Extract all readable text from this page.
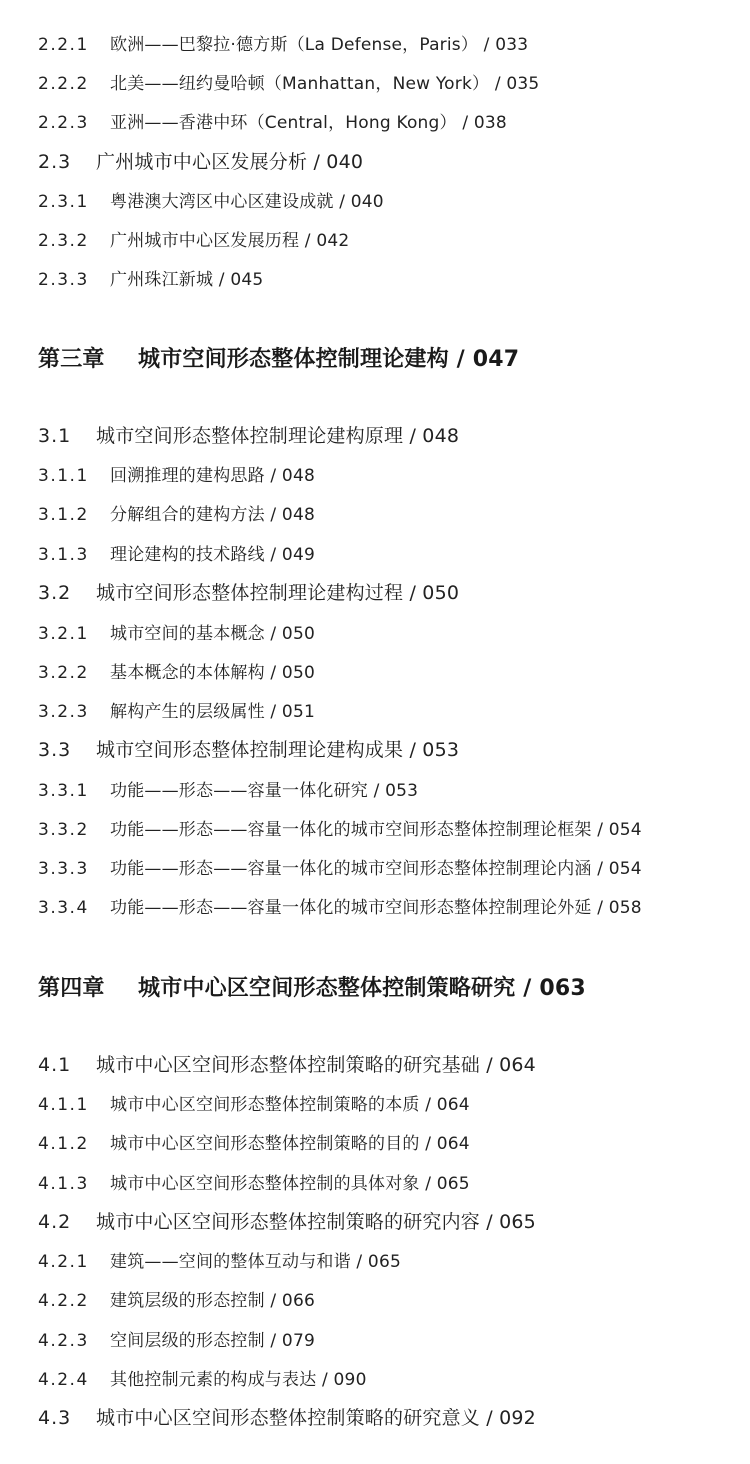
2.2.1 欧洲——巴黎拉·德方斯（La Defense，Paris） / 033
2.2.2 北美——纽约曼哈顿（Manhattan，New York） / 035
2.2.3 亚洲——香港中环（Central，Hong Kong） / 038
2.3 广州城市中心区发展分析 / 040
2.3.1 粤港澳大湾区中心区建设成就 / 040
2.3.2 广州城市中心区发展历程 / 042
2.3.3 广州珠江新城 / 045
第三章 城市空间形态整体控制理论建构 / 047
3.1 城市空间形态整体控制理论建构原理 / 048
3.1.1 回溯推理的建构思路 / 048
3.1.2 分解组合的建构方法 / 048
3.1.3 理论建构的技术路线 / 049
3.2 城市空间形态整体控制理论建构过程 / 050
3.2.1 城市空间的基本概念 / 050
3.2.2 基本概念的本体解构 / 050
3.2.3 解构产生的层级属性 / 051
3.3 城市空间形态整体控制理论建构成果 / 053
3.3.1 功能——形态——容量一体化研究 / 053
3.3.2 功能——形态——容量一体化的城市空间形态整体控制理论框架 / 054
3.3.3 功能——形态——容量一体化的城市空间形态整体控制理论内涵 / 054
3.3.4 功能——形态——容量一体化的城市空间形态整体控制理论外延 / 058
第四章 城市中心区空间形态整体控制策略研究 / 063
4.1 城市中心区空间形态整体控制策略的研究基础 / 064
4.1.1 城市中心区空间形态整体控制策略的本质 / 064
4.1.2 城市中心区空间形态整体控制策略的目的 / 064
4.1.3 城市中心区空间形态整体控制的具体对象 / 065
4.2 城市中心区空间形态整体控制策略的研究内容 / 065
4.2.1 建筑——空间的整体互动与和谐 / 065
4.2.2 建筑层级的形态控制 / 066
4.2.3 空间层级的形态控制 / 079
4.2.4 其他控制元素的构成与表达 / 090
4.3 城市中心区空间形态整体控制策略的研究意义 / 092
